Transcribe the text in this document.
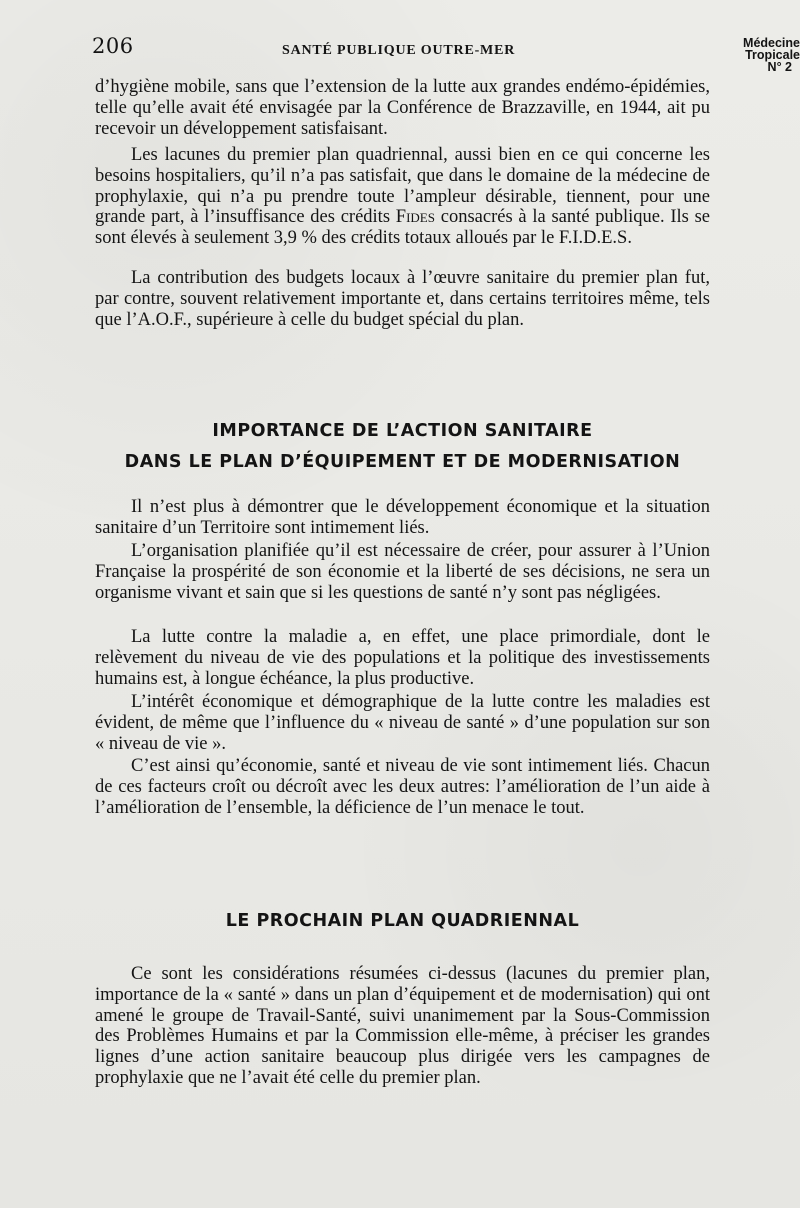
206	SANTÉ PUBLIQUE OUTRE-MER	Médecine
Tropicale
N° 2

d’hygiène mobile, sans que l’extension de la lutte aux grandes endémo-épidémies, telle qu’elle avait été envisagée par la Conférence de Brazzaville, en 1944, ait pu recevoir un développement satisfaisant.

Les lacunes du premier plan quadriennal, aussi bien en ce qui concerne les besoins hospitaliers, qu’il n’a pas satisfait, que dans le domaine de la médecine de prophylaxie, qui n’a pu prendre toute l’ampleur désirable, tiennent, pour une grande part, à l’insuffisance des crédits Fides consacrés à la santé publique. Ils se sont élevés à seulement 3,9 % des crédits totaux alloués par le F.I.D.E.S.

La contribution des budgets locaux à l’œuvre sanitaire du premier plan fut, par contre, souvent relativement importante et, dans certains territoires même, tels que l’A.O.F., supérieure à celle du budget spécial du plan.

IMPORTANCE DE L’ACTION SANITAIRE
DANS LE PLAN D’ÉQUIPEMENT ET DE MODERNISATION

Il n’est plus à démontrer que le développement économique et la situation sanitaire d’un Territoire sont intimement liés.

L’organisation planifiée qu’il est nécessaire de créer, pour assurer à l’Union Française la prospérité de son économie et la liberté de ses décisions, ne sera un organisme vivant et sain que si les questions de santé n’y sont pas négligées.

La lutte contre la maladie a, en effet, une place primordiale, dont le relèvement du niveau de vie des populations et la politique des investissements humains est, à longue échéance, la plus productive.

L’intérêt économique et démographique de la lutte contre les maladies est évident, de même que l’influence du « niveau de santé » d’une population sur son « niveau de vie ».

C’est ainsi qu’économie, santé et niveau de vie sont intimement liés. Chacun de ces facteurs croît ou décroît avec les deux autres: l’amélioration de l’un aide à l’amélioration de l’ensemble, la déficience de l’un menace le tout.

LE PROCHAIN PLAN QUADRIENNAL

Ce sont les considérations résumées ci-dessus (lacunes du premier plan, importance de la « santé » dans un plan d’équipement et de modernisation) qui ont amené le groupe de Travail-Santé, suivi unanimement par la Sous-Commission des Problèmes Humains et par la Commission elle-même, à préciser les grandes lignes d’une action sanitaire beaucoup plus dirigée vers les campagnes de prophylaxie que ne l’avait été celle du premier plan.
